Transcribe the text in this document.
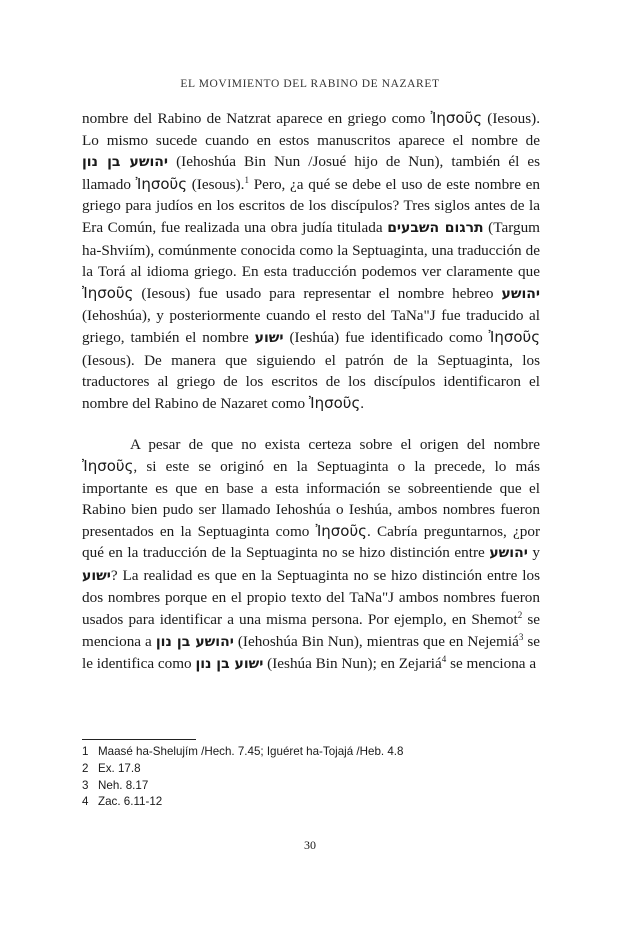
EL MOVIMIENTO DEL RABINO DE NAZARET

nombre del Rabino de Natzrat aparece en griego como Ἰησοῦς (Iesous). Lo mismo sucede cuando en estos manuscritos aparece el nombre de יהושע בן נון (Iehoshúa Bin Nun /Josué hijo de Nun), también él es llamado Ἰησοῦς (Iesous).$^1$ Pero, ¿a qué se debe el uso de este nombre en griego para judíos en los escritos de los discípulos? Tres siglos antes de la Era Común, fue realizada una obra judía titulada תרגום השבעים (Targum ha-Shviím), comúnmente conocida como la Septuaginta, una traducción de la Torá al idioma griego. En esta traducción podemos ver claramente que Ἰησοῦς (Iesous) fue usado para representar el nombre hebreo יהושע (Iehoshúa), y posteriormente cuando el resto del TaNa"J fue traducido al griego, también el nombre ישוע (Ieshúa) fue identificado como Ἰησοῦς (Iesous). De manera que siguiendo el patrón de la Septuaginta, los traductores al griego de los escritos de los discípulos identificaron el nombre del Rabino de Nazaret como Ἰησοῦς.

A pesar de que no exista certeza sobre el origen del nombre Ἰησοῦς, si este se originó en la Septuaginta o la precede, lo más importante es que en base a esta información se sobreentiende que el Rabino bien pudo ser llamado Iehoshúa o Ieshúa, ambos nombres fueron presentados en la Septuaginta como Ἰησοῦς. Cabría preguntarnos, ¿por qué en la traducción de la Septuaginta no se hizo distinción entre יהושע y ישוע? La realidad es que en la Septuaginta no se hizo distinción entre los dos nombres porque en el propio texto del TaNa"J ambos nombres fueron usados para identificar a una misma persona. Por ejemplo, en Shemot$^2$ se menciona a יהושע בן נון (Iehoshúa Bin Nun), mientras que en Nejemiá$^3$ se le identifica como ישוע בן נון (Ieshúa Bin Nun); en Zejariá$^4$ se menciona a

1 Maasé ha-Shelujím /Hech. 7.45; Iguéret ha-Tojajá /Heb. 4.8
2 Ex. 17.8
3 Neh. 8.17
4 Zac. 6.11-12
30
